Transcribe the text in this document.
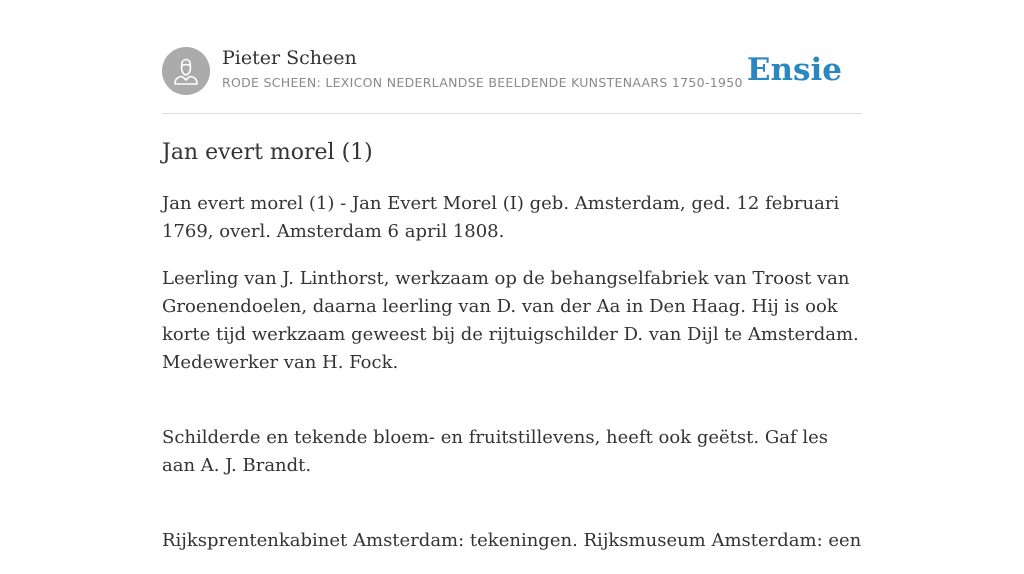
Pieter Scheen
RODE SCHEEN: LEXICON NEDERLANDSE BEELDENDE KUNSTENAARS 1750-1950 Ensie
Jan evert morel (1)

Jan evert morel (1) - Jan Evert Morel (I) geb. Amsterdam, ged. 12 februari 1769, overl. Amsterdam 6 april 1808.

Leerling van J. Linthorst, werkzaam op de behangselfabriek van Troost van Groenendoelen, daarna leerling van D. van der Aa in Den Haag. Hij is ook korte tijd werkzaam geweest bij de rijtuigschilder D. van Dijl te Amsterdam. Medewerker van H. Fock.

Schilderde en tekende bloem- en fruitstillevens, heeft ook geëtst. Gaf les aan A. J. Brandt.

Rijksprentenkabinet Amsterdam: tekeningen. Rijksmuseum Amsterdam: een
